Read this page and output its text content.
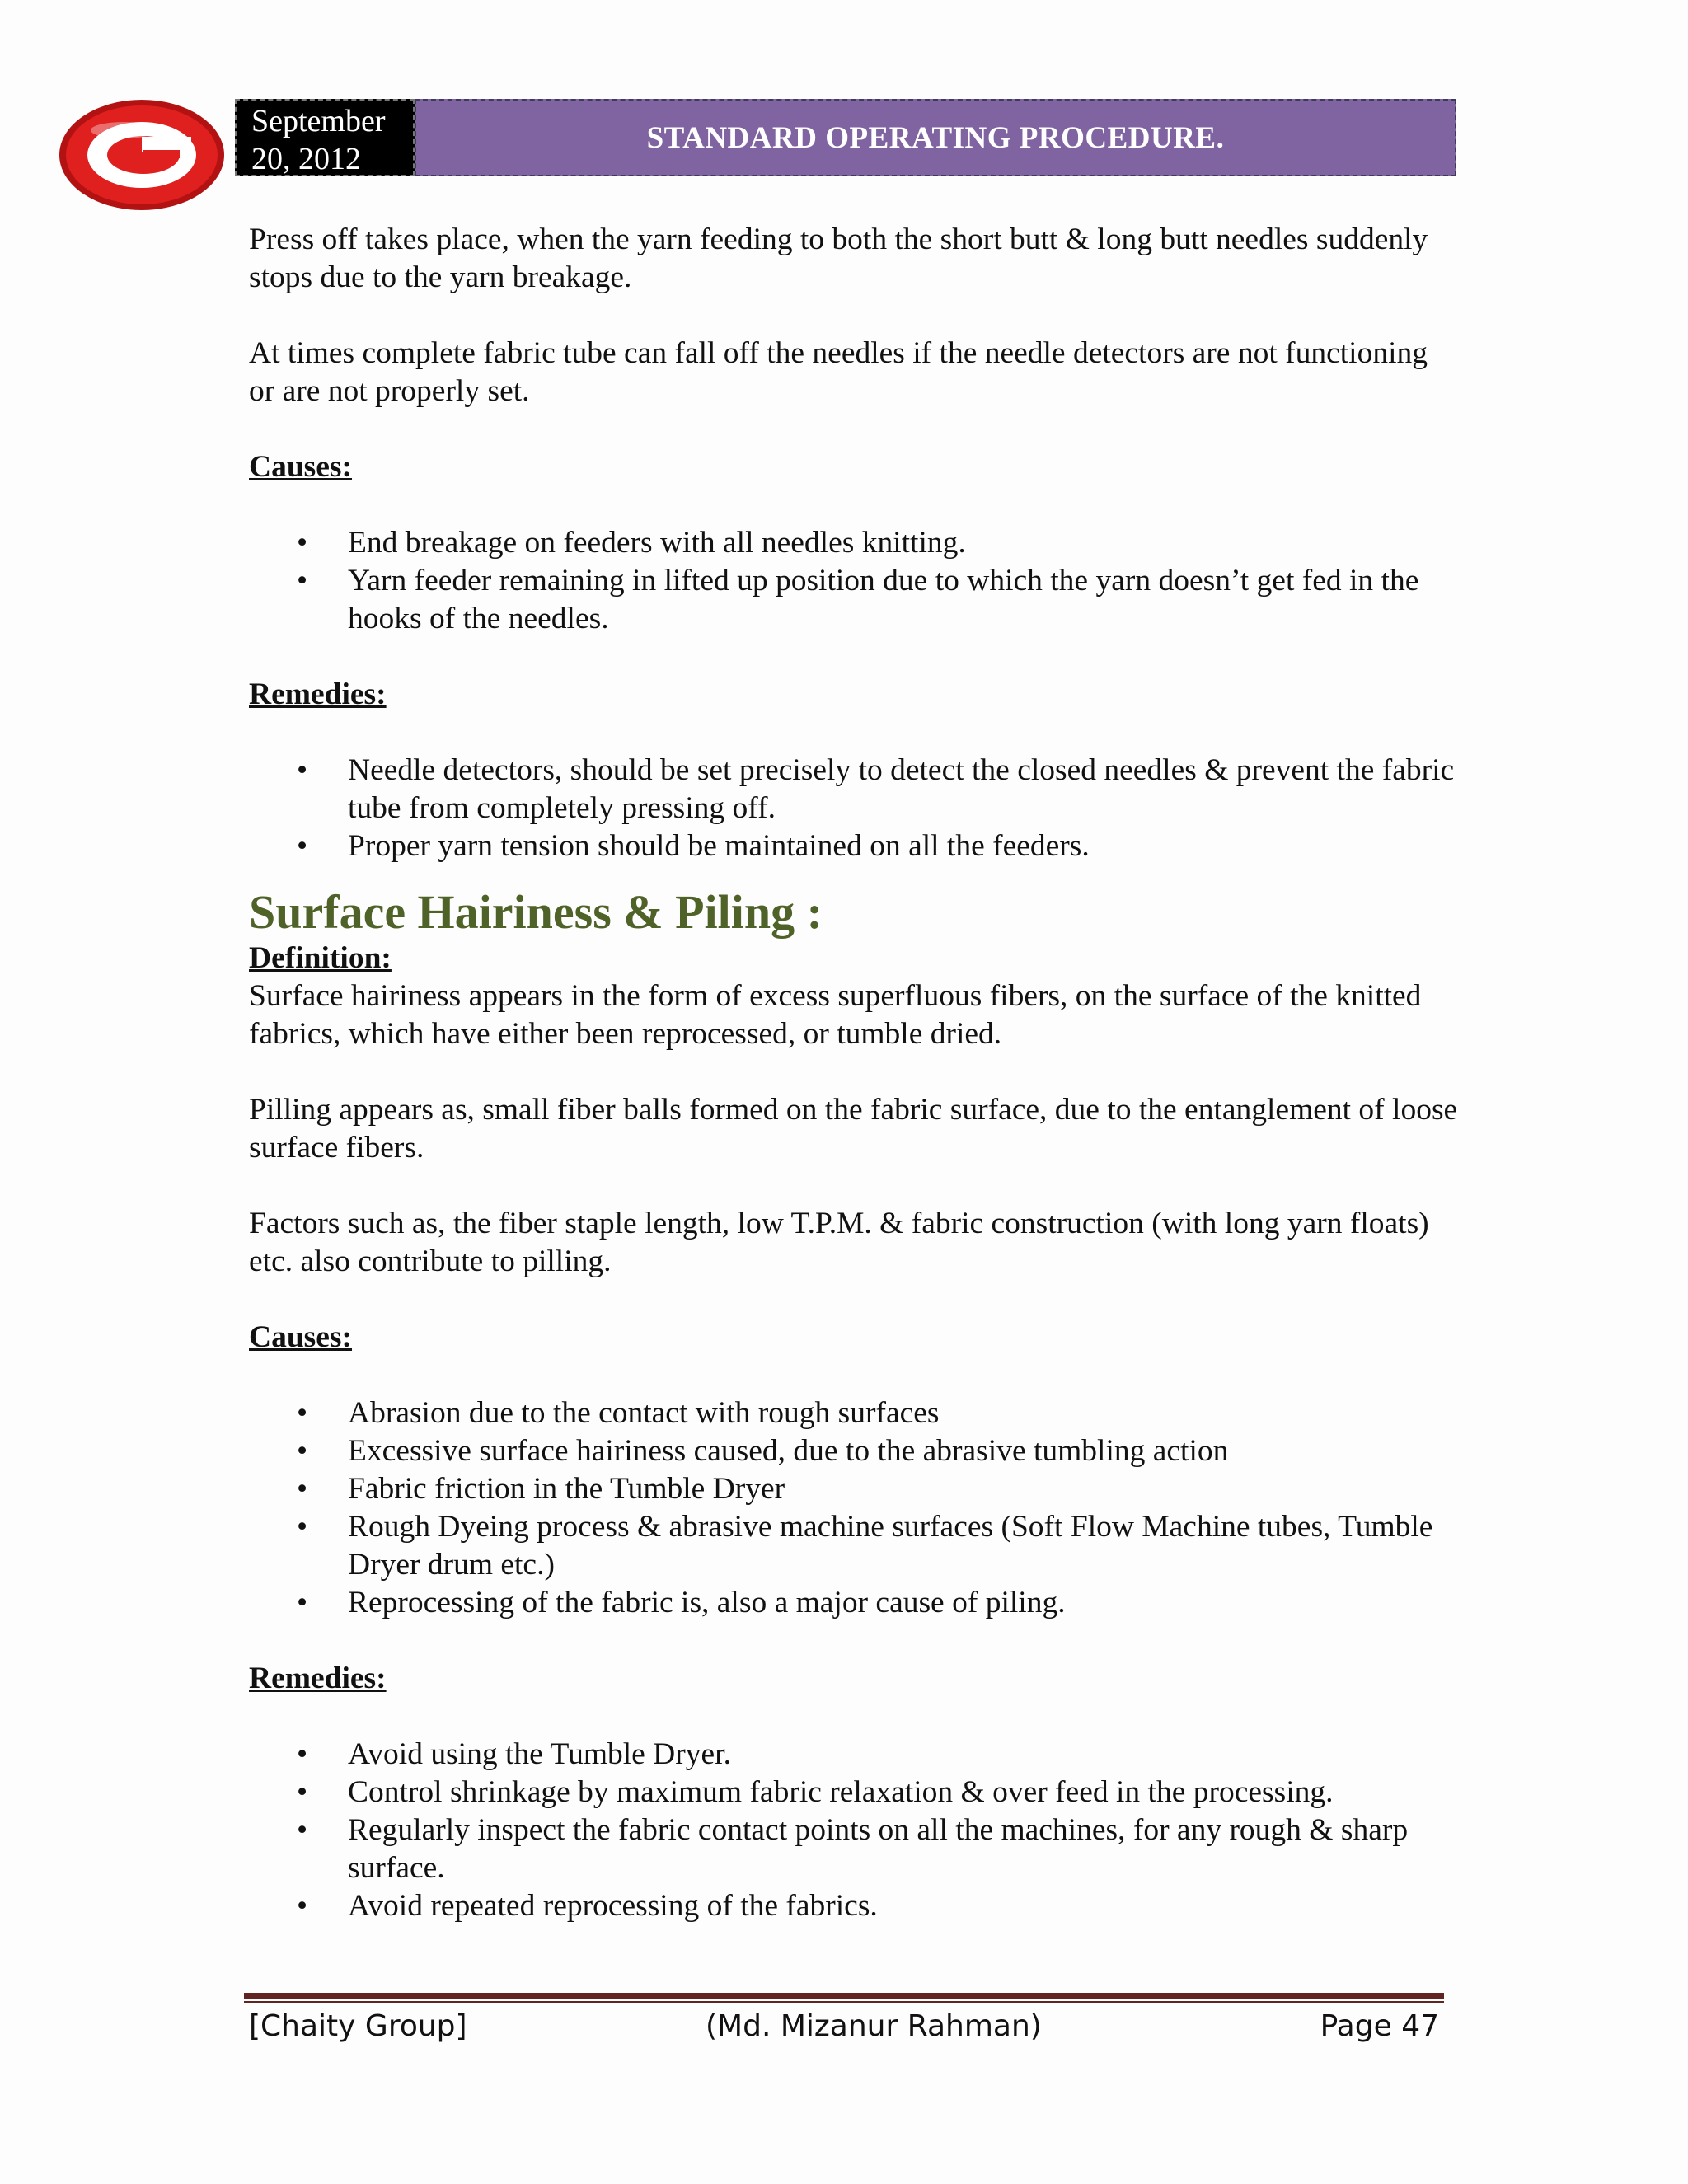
September
20, 2012
STANDARD OPERATING PROCEDURE.

Press off takes place, when the yarn feeding to both the short butt & long butt needles suddenly stops due to the yarn breakage.

At times complete fabric tube can fall off the needles if the needle detectors are not functioning or are not properly set.

Causes:
• End breakage on feeders with all needles knitting.
• Yarn feeder remaining in lifted up position due to which the yarn doesn’t get fed in the hooks of the needles.
Remedies:
• Needle detectors, should be set precisely to detect the closed needles & prevent the fabric tube from completely pressing off.
• Proper yarn tension should be maintained on all the feeders.
Surface Hairiness & Piling :
Definition:

Surface hairiness appears in the form of excess superfluous fibers, on the surface of the knitted fabrics, which have either been reprocessed, or tumble dried.

Pilling appears as, small fiber balls formed on the fabric surface, due to the entanglement of loose surface fibers.

Factors such as, the fiber staple length, low T.P.M. & fabric construction (with long yarn floats) etc. also contribute to pilling.

Causes:
• Abrasion due to the contact with rough surfaces
• Excessive surface hairiness caused, due to the abrasive tumbling action
• Fabric friction in the Tumble Dryer
• Rough Dyeing process & abrasive machine surfaces (Soft Flow Machine tubes, Tumble Dryer drum etc.)
• Reprocessing of the fabric is, also a major cause of piling.
Remedies:
• Avoid using the Tumble Dryer.
• Control shrinkage by maximum fabric relaxation & over feed in the processing.
• Regularly inspect the fabric contact points on all the machines, for any rough & sharp surface.
• Avoid repeated reprocessing of the fabrics.
[Chaity Group]	(Md. Mizanur Rahman)	Page 47
